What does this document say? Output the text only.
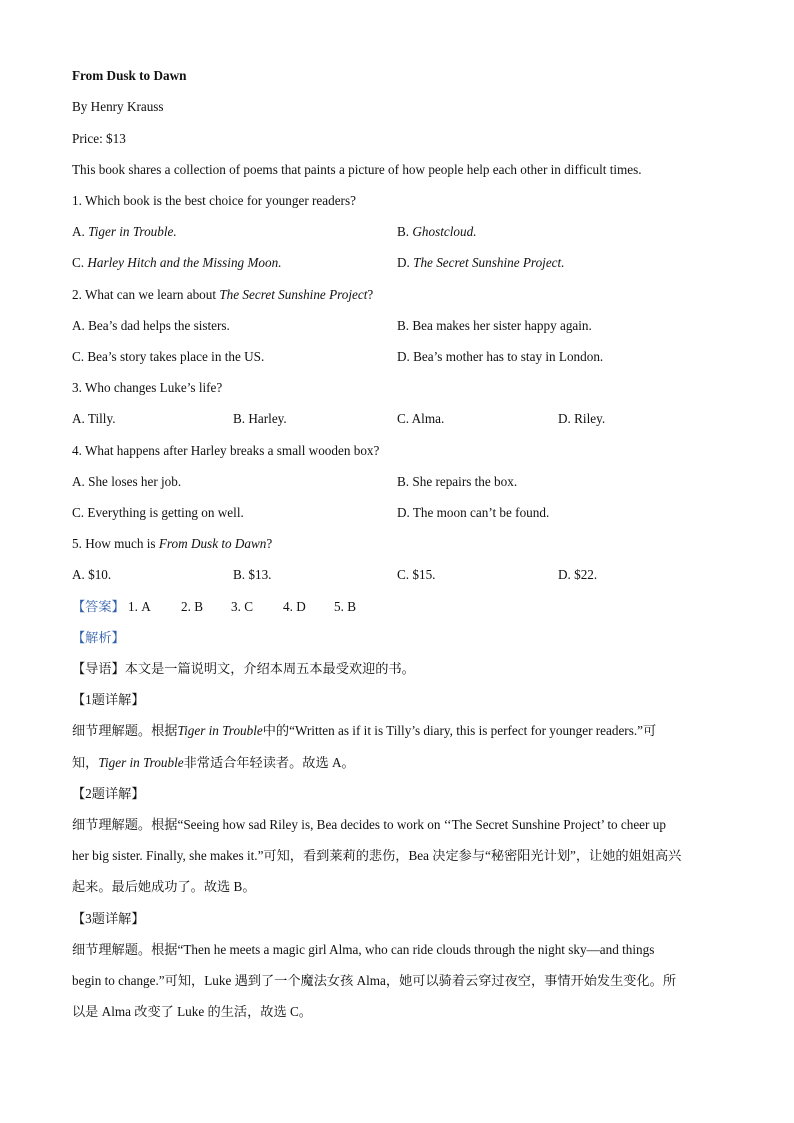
From Dusk to Dawn
By Henry Krauss
Price: $13
This book shares a collection of poems that paints a picture of how people help each other in difficult times.
1. Which book is the best choice for younger readers?
A. Tiger in Trouble.	B. Ghostcloud.
C. Harley Hitch and the Missing Moon.	D. The Secret Sunshine Project.
2. What can we learn about The Secret Sunshine Project?
A. Bea’s dad helps the sisters.	B. Bea makes her sister happy again.
C. Bea’s story takes place in the US.	D. Bea’s mother has to stay in London.
3. Who changes Luke’s life?
A. Tilly.	B. Harley.	C. Alma.	D. Riley.
4. What happens after Harley breaks a small wooden box?
A. She loses her job.	B. She repairs the box.
C. Everything is getting on well.	D. The moon can’t be found.
5. How much is From Dusk to Dawn?
A. $10.	B. $13.	C. $15.	D. $22.
【答案】 1. A 2. B 3. C 4. D 5. B
【解析】
【导语】本文是一篇说明文，介绍本周五本最受欢迎的书。
【1题详解】
细节理解题。根据Tiger in Trouble中的“Written as if it is Tilly’s diary, this is perfect for younger readers.”可
知，Tiger in Trouble非常适合年轻读者。故选 A。
【2题详解】
细节理解题。根据“Seeing how sad Riley is, Bea decides to work on ‘‘The Secret Sunshine Project’ to cheer up
her big sister. Finally, she makes it.”可知，看到莱莉的悲伤，Bea 决定参与“秘密阳光计划”，让她的姐姐高兴
起来。最后她成功了。故选 B。
【3题详解】
细节理解题。根据“Then he meets a magic girl Alma, who can ride clouds through the night sky—and things
begin to change.”可知，Luke 遇到了一个魔法女孩 Alma，她可以骑着云穿过夜空，事情开始发生变化。所
以是 Alma 改变了 Luke 的生活，故选 C。
